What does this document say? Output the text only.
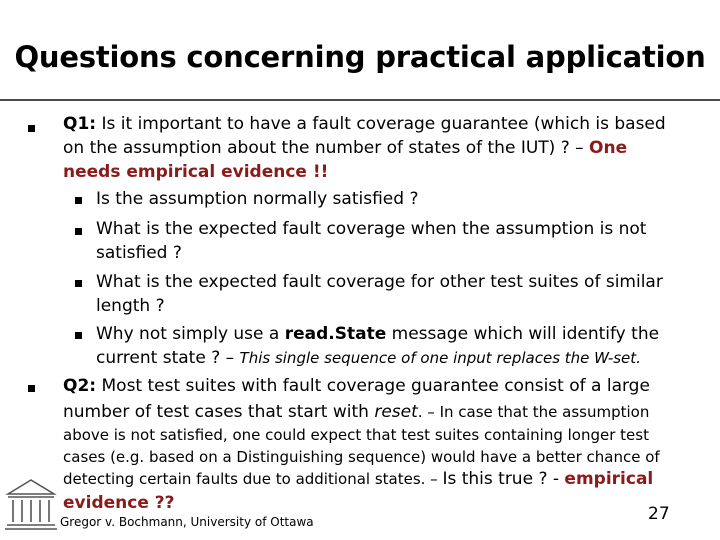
Questions concerning practical application
Q1: Is it important to have a fault coverage guarantee (which is based
on the assumption about the number of states of the IUT) ? – One
needs empirical evidence !!
Is the assumption normally satisfied ?
What is the expected fault coverage when the assumption is not
satisfied ?
What is the expected fault coverage for other test suites of similar
length ?
Why not simply use a read.State message which will identify the
current state ? – This single sequence of one input replaces the W-set.
Q2: Most test suites with fault coverage guarantee consist of a large
number of test cases that start with reset. – In case that the assumption
above is not satisfied, one could expect that test suites containing longer test
cases (e.g. based on a Distinguishing sequence) would have a better chance of
detecting certain faults due to additional states. – Is this true ? - empirical
evidence ??
Gregor v. Bochmann, University of Ottawa	27
